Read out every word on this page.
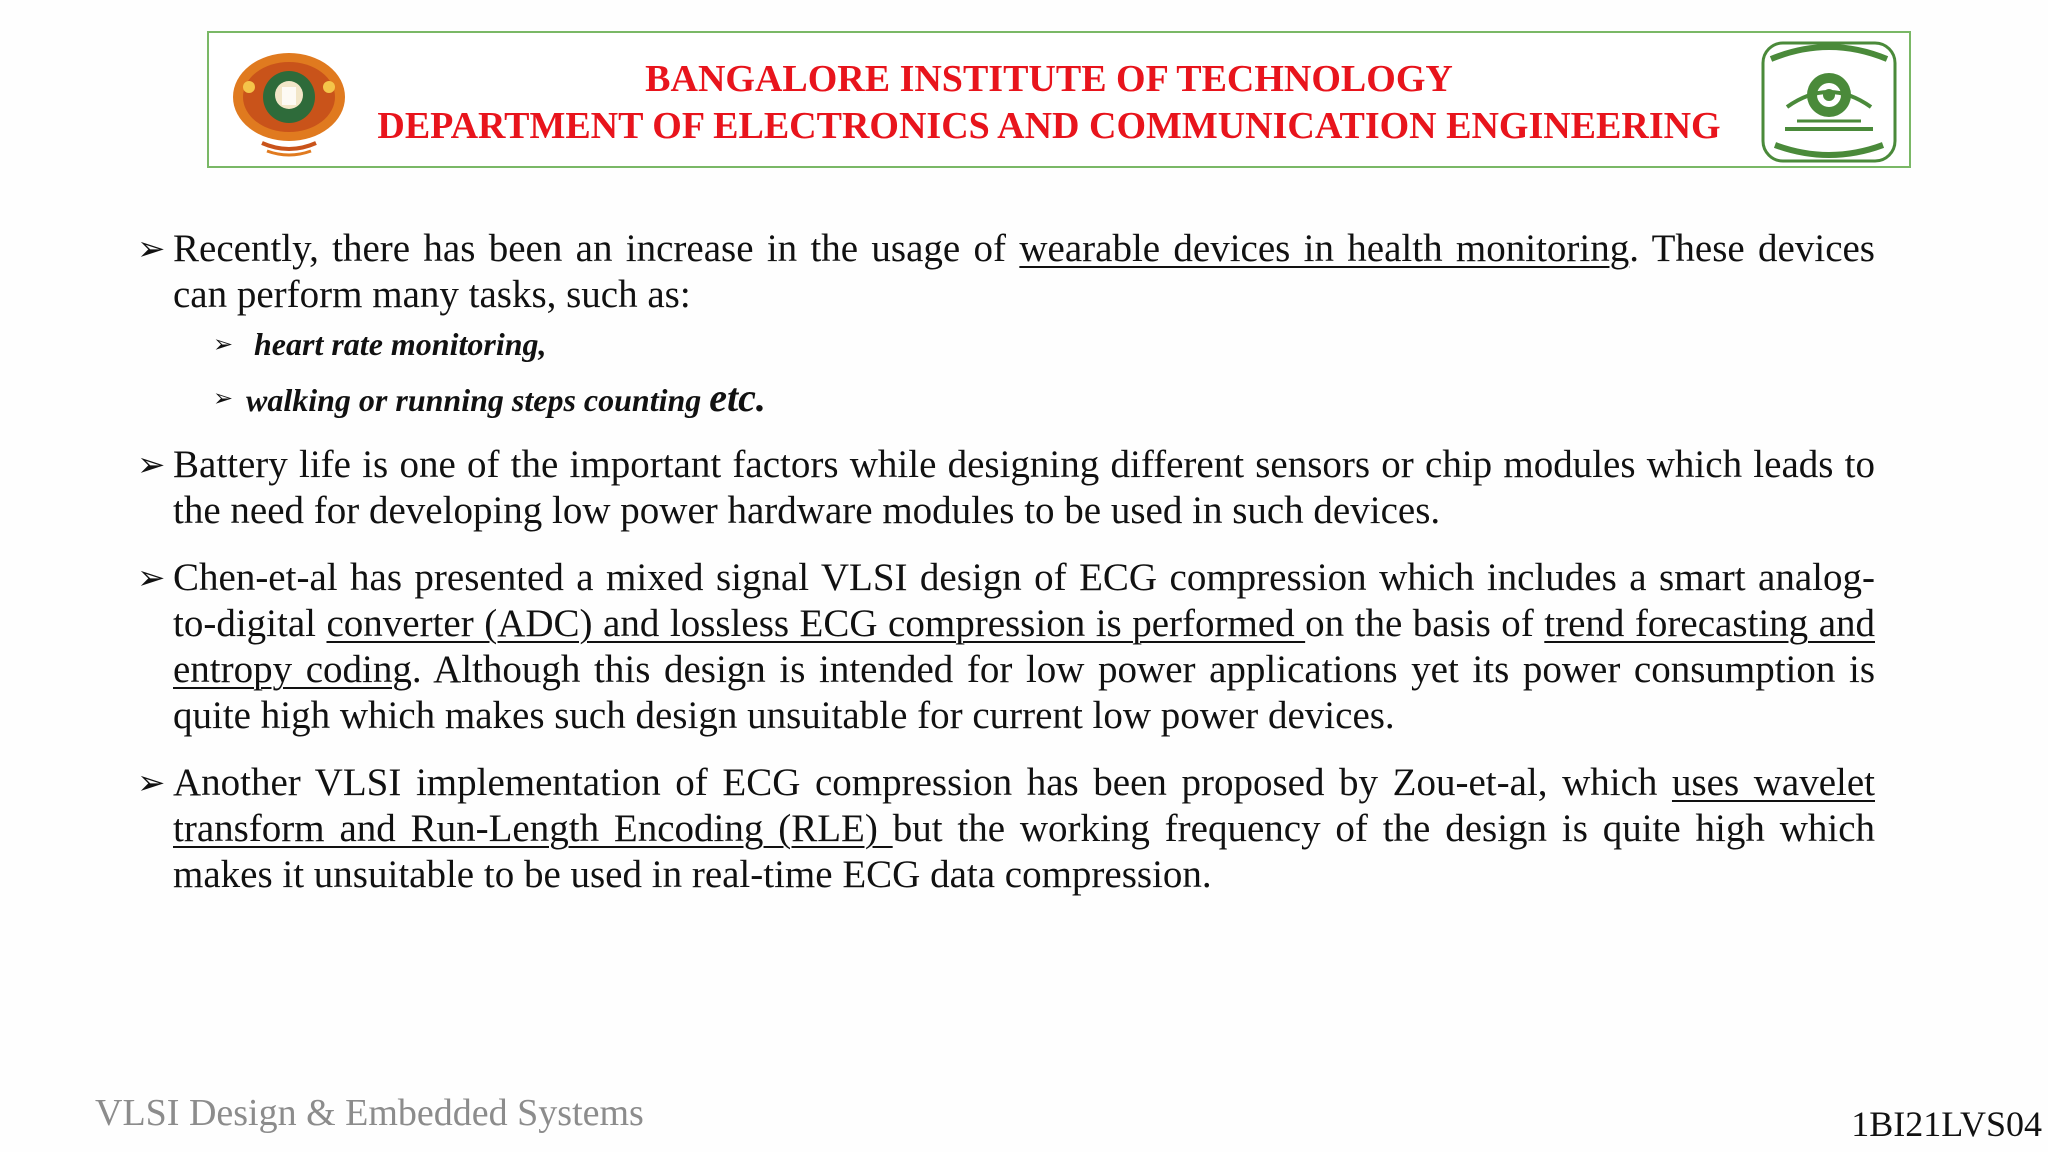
BANGALORE INSTITUTE OF TECHNOLOGY
DEPARTMENT OF ELECTRONICS AND COMMUNICATION ENGINEERING
➢ Recently, there has been an increase in the usage of wearable devices in health monitoring. These devices can perform many tasks, such as:
➢ heart rate monitoring,
➢ walking or running steps counting etc.
➢ Battery life is one of the important factors while designing different sensors or chip modules which leads to the need for developing low power hardware modules to be used in such devices.
➢ Chen-et-al has presented a mixed signal VLSI design of ECG compression which includes a smart analog-to-digital converter (ADC) and lossless ECG compression is performed on the basis of trend forecasting and entropy coding. Although this design is intended for low power applications yet its power consumption is quite high which makes such design unsuitable for current low power devices.
➢ Another VLSI implementation of ECG compression has been proposed by Zou-et-al, which uses wavelet transform and Run-Length Encoding (RLE) but the working frequency of the design is quite high which makes it unsuitable to be used in real-time ECG data compression.
VLSI Design & Embedded Systems	1BI21LVS04
